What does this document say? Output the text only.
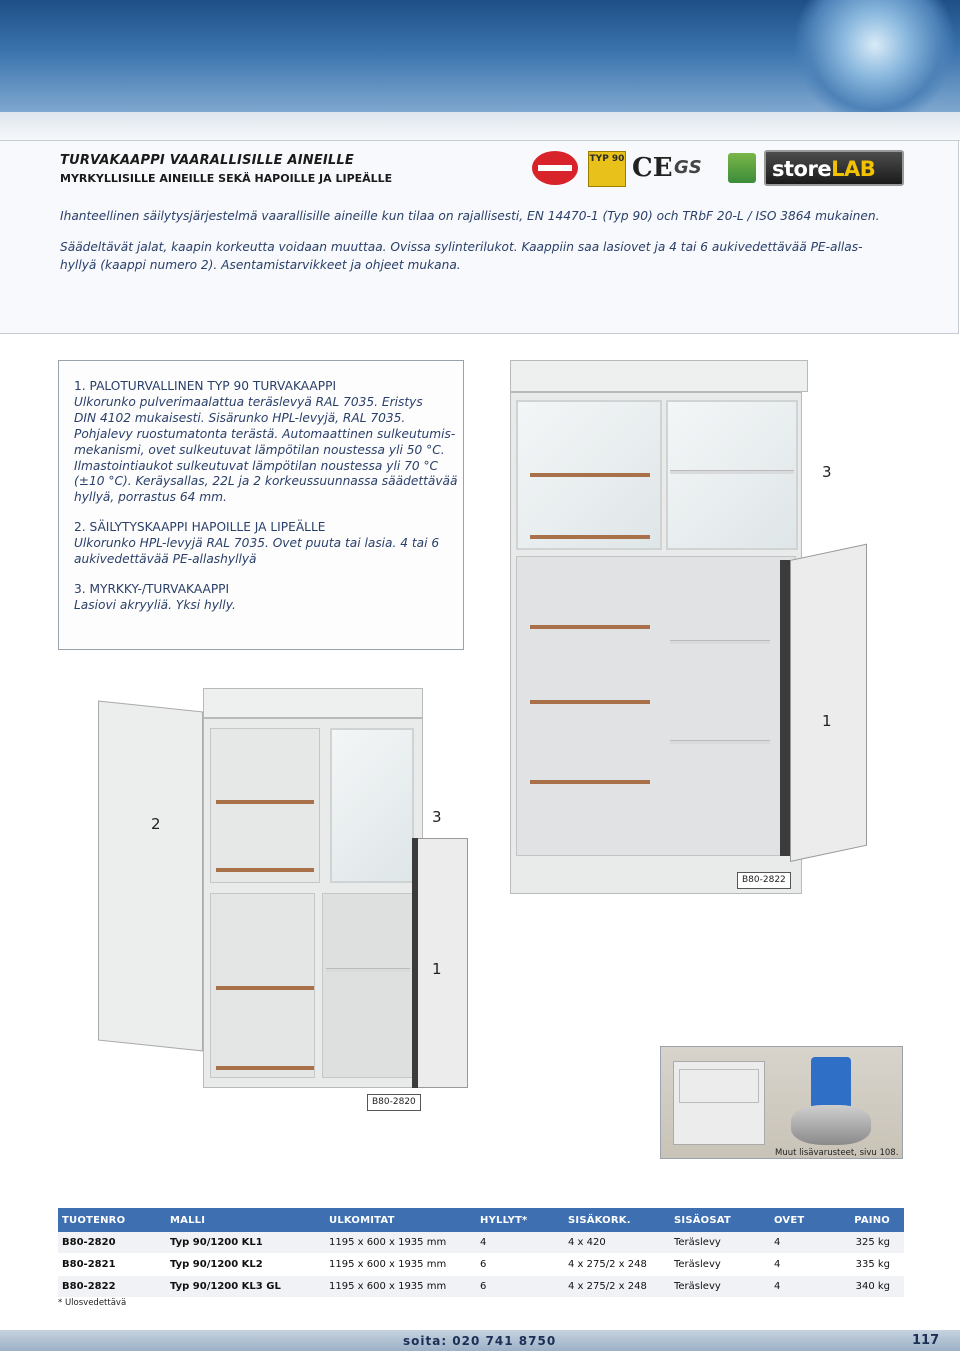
TURVAKAAPPI VAARALLISILLE AINEILLE
MYRKYLLISILLE AINEILLE SEKÄ HAPOILLE JA LIPEÄLLE
TYP 90 CE GS	storeLAB
Ihanteellinen säilytysjärjestelmä vaarallisille aineille kun tilaa on rajallisesti, EN 14470-1 (Typ 90) och TRbF 20-L / ISO 3864 mukainen.
Säädeltävät jalat, kaapin korkeutta voidaan muuttaa. Ovissa sylinterilukot. Kaappiin saa lasiovet ja 4 tai 6 aukivedettävää PE-allas-
hyllyä (kaappi numero 2). Asentamistarvikkeet ja ohjeet mukana.
1. PALOTURVALLINEN TYP 90 TURVAKAAPPI
Ulkorunko pulverimaalattua teräslevyä RAL 7035. Eristys
DIN 4102 mukaisesti. Sisärunko HPL-levyjä, RAL 7035.
Pohjalevy ruostumatonta terästä. Automaattinen sulkeutumis-
mekanismi, ovet sulkeutuvat lämpötilan noustessa yli 50 °C.
Ilmastointiaukot sulkeutuvat lämpötilan noustessa yli 70 °C
(±10 °C). Keräysallas, 22L ja 2 korkeussuunnassa säädettävää
hyllyä, porrastus 64 mm.
2. SÄILYTYSKAAPPI HAPOILLE JA LIPEÄLLE
Ulkorunko HPL-levyjä RAL 7035. Ovet puuta tai lasia. 4 tai 6
aukivedettävää PE-allashyllyä
3. MYRKKY-/TURVAKAAPPI
Lasiovi akryyliä. Yksi hylly.
3
1
B80-2822
2	3
1
B80-2820
Muut lisävarusteet, sivu 108.
TUOTENRO	MALLI	ULKOMITAT	HYLLYT*	SISÄKORK.	SISÄOSAT	OVET	PAINO
B80-2820	Typ 90/1200 KL1	1195 x 600 x 1935 mm	4	4 x 420	Teräslevy	4	325 kg
B80-2821	Typ 90/1200 KL2	1195 x 600 x 1935 mm	6	4 x 275/2 x 248	Teräslevy	4	335 kg
B80-2822	Typ 90/1200 KL3 GL	1195 x 600 x 1935 mm	6	4 x 275/2 x 248	Teräslevy	4	340 kg
* Ulosvedettävä
soita: 020 741 8750	117
